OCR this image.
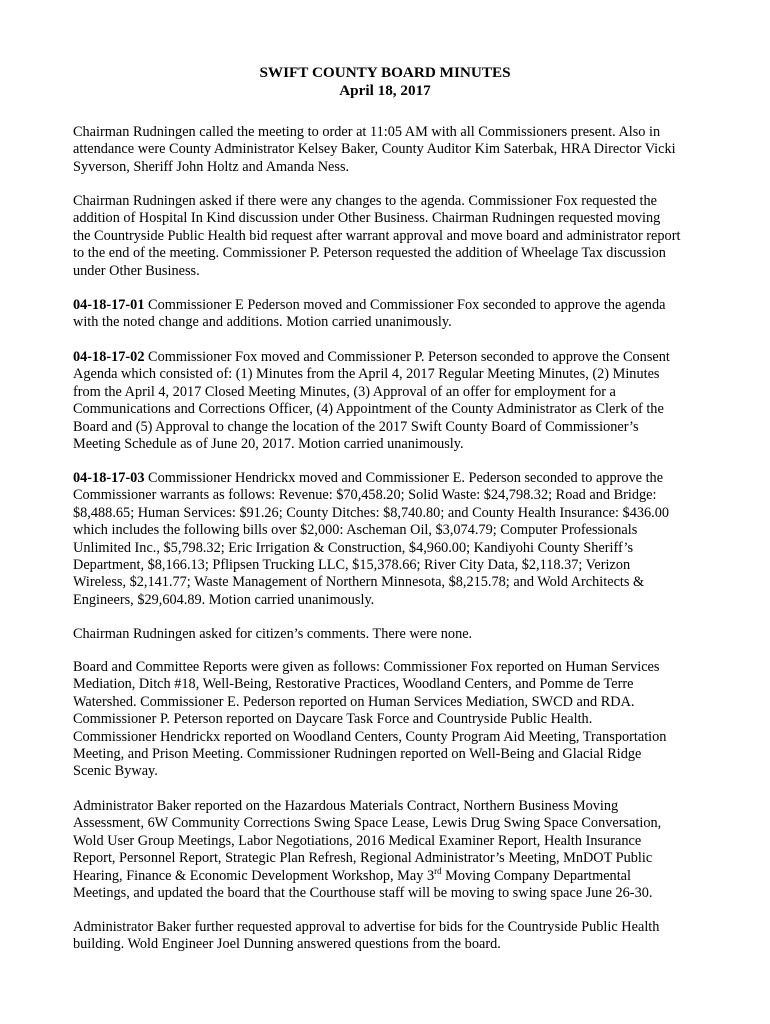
SWIFT COUNTY BOARD MINUTES
April 18, 2017

Chairman Rudningen called the meeting to order at 11:05 AM with all Commissioners present. Also in
attendance were County Administrator Kelsey Baker, County Auditor Kim Saterbak, HRA Director Vicki
Syverson, Sheriff John Holtz and Amanda Ness.

Chairman Rudningen asked if there were any changes to the agenda. Commissioner Fox requested the
addition of Hospital In Kind discussion under Other Business. Chairman Rudningen requested moving
the Countryside Public Health bid request after warrant approval and move board and administrator report
to the end of the meeting. Commissioner P. Peterson requested the addition of Wheelage Tax discussion
under Other Business.

04-18-17-01 Commissioner E Pederson moved and Commissioner Fox seconded to approve the agenda
with the noted change and additions. Motion carried unanimously.

04-18-17-02 Commissioner Fox moved and Commissioner P. Peterson seconded to approve the Consent
Agenda which consisted of: (1) Minutes from the April 4, 2017 Regular Meeting Minutes, (2) Minutes
from the April 4, 2017 Closed Meeting Minutes, (3) Approval of an offer for employment for a
Communications and Corrections Officer, (4) Appointment of the County Administrator as Clerk of the
Board and (5) Approval to change the location of the 2017 Swift County Board of Commissioner’s
Meeting Schedule as of June 20, 2017. Motion carried unanimously.

04-18-17-03 Commissioner Hendrickx moved and Commissioner E. Pederson seconded to approve the
Commissioner warrants as follows: Revenue: $70,458.20; Solid Waste: $24,798.32; Road and Bridge:
$8,488.65; Human Services: $91.26; County Ditches: $8,740.80; and County Health Insurance: $436.00
which includes the following bills over $2,000: Ascheman Oil, $3,074.79; Computer Professionals
Unlimited Inc., $5,798.32; Eric Irrigation & Construction, $4,960.00; Kandiyohi County Sheriff’s
Department, $8,166.13; Pflipsen Trucking LLC, $15,378.66; River City Data, $2,118.37; Verizon
Wireless, $2,141.77; Waste Management of Northern Minnesota, $8,215.78; and Wold Architects &
Engineers, $29,604.89. Motion carried unanimously.

Chairman Rudningen asked for citizen’s comments. There were none.

Board and Committee Reports were given as follows: Commissioner Fox reported on Human Services
Mediation, Ditch #18, Well-Being, Restorative Practices, Woodland Centers, and Pomme de Terre
Watershed. Commissioner E. Pederson reported on Human Services Mediation, SWCD and RDA.
Commissioner P. Peterson reported on Daycare Task Force and Countryside Public Health.
Commissioner Hendrickx reported on Woodland Centers, County Program Aid Meeting, Transportation
Meeting, and Prison Meeting. Commissioner Rudningen reported on Well-Being and Glacial Ridge
Scenic Byway.

Administrator Baker reported on the Hazardous Materials Contract, Northern Business Moving
Assessment, 6W Community Corrections Swing Space Lease, Lewis Drug Swing Space Conversation,
Wold User Group Meetings, Labor Negotiations, 2016 Medical Examiner Report, Health Insurance
Report, Personnel Report, Strategic Plan Refresh, Regional Administrator’s Meeting, MnDOT Public
Hearing, Finance & Economic Development Workshop, May 3rd Moving Company Departmental
Meetings, and updated the board that the Courthouse staff will be moving to swing space June 26-30.

Administrator Baker further requested approval to advertise for bids for the Countryside Public Health
building. Wold Engineer Joel Dunning answered questions from the board.
